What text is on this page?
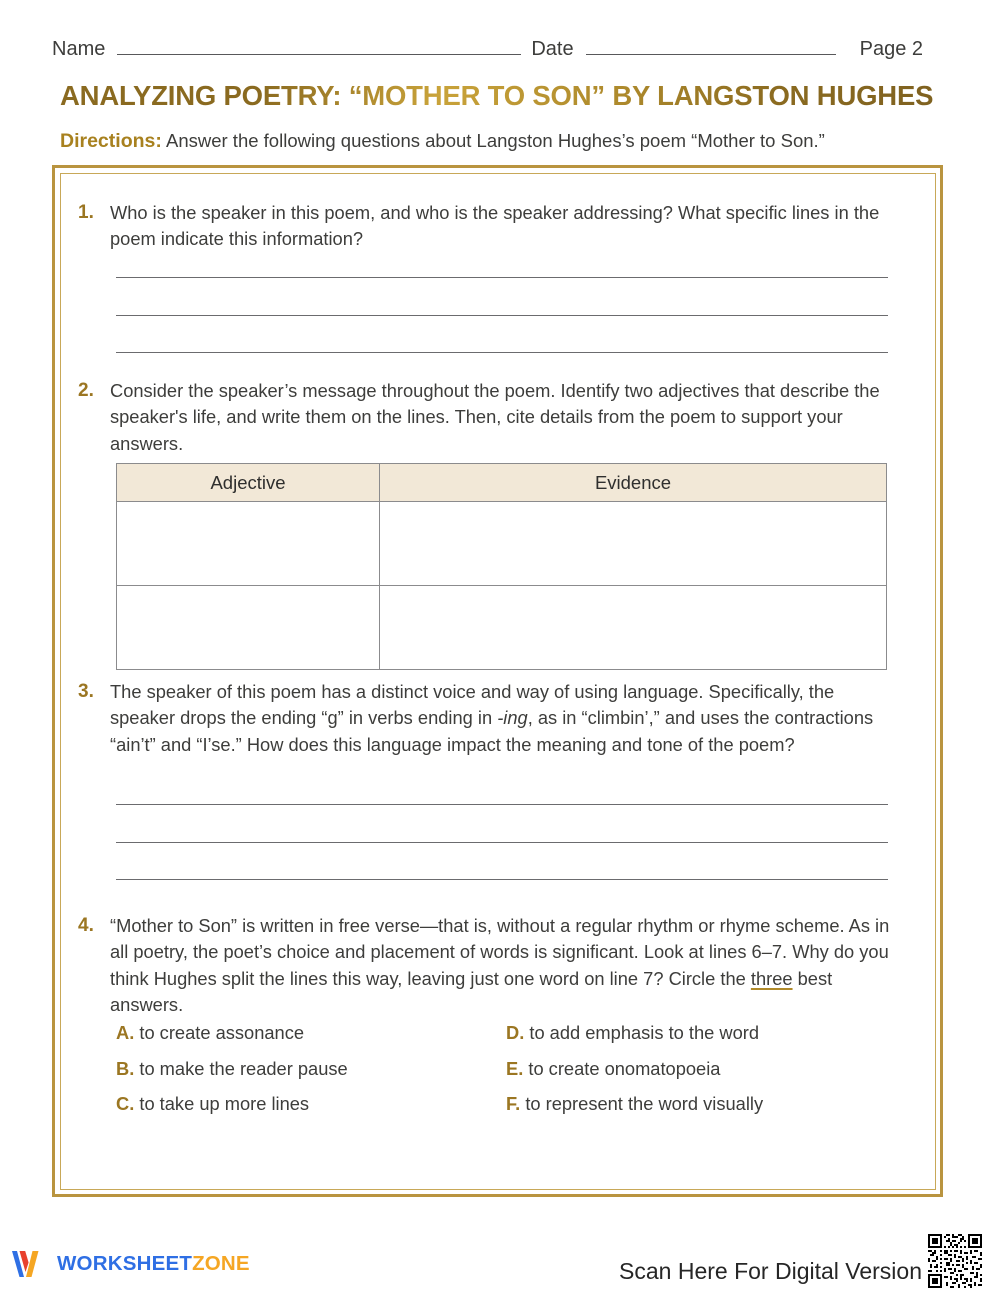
Name	Date	Page 2
ANALYZING POETRY: “MOTHER TO SON” BY LANGSTON HUGHES
Directions: Answer the following questions about Langston Hughes’s poem “Mother to Son.”
1. Who is the speaker in this poem, and who is the speaker addressing? What specific lines in the poem indicate this information?
2. Consider the speaker’s message throughout the poem. Identify two adjectives that describe the speaker's life, and write them on the lines. Then, cite details from the poem to support your answers.
Adjective	Evidence

3. The speaker of this poem has a distinct voice and way of using language. Specifically, the speaker drops the ending “g” in verbs ending in -ing, as in “climbin’,” and uses the contractions “ain’t” and “I’se.” How does this language impact the meaning and tone of the poem?
4. “Mother to Son” is written in free verse—that is, without a regular rhythm or rhyme scheme. As in all poetry, the poet’s choice and placement of words is significant. Look at lines 6–7. Why do you think Hughes split the lines this way, leaving just one word on line 7? Circle the three best answers.
A. to create assonance	D. to add emphasis to the word
B. to make the reader pause	E. to create onomatopoeia
C. to take up more lines	F. to represent the word visually
WORKSHEETZONE	Scan Here For Digital Version
